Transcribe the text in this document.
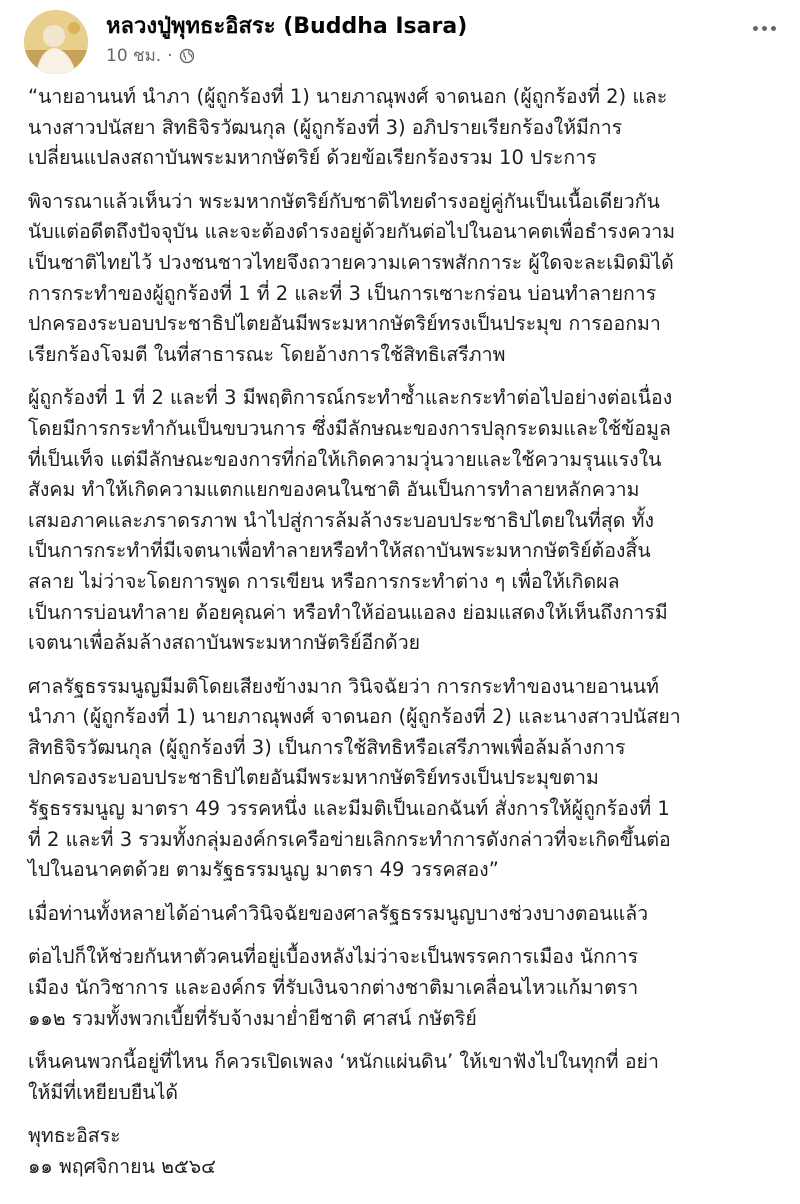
หลวงปู่พุทธะอิสระ (Buddha Isara)
10 ชม. ·

“นายอานนท์ นำภา (ผู้ถูกร้องที่ 1) นายภาณุพงศ์ จาดนอก (ผู้ถูกร้องที่ 2) และ
นางสาวปนัสยา สิทธิจิรวัฒนกุล (ผู้ถูกร้องที่ 3) อภิปรายเรียกร้องให้มีการ
เปลี่ยนแปลงสถาบันพระมหากษัตริย์ ด้วยข้อเรียกร้องรวม 10 ประการ

พิจารณาแล้วเห็นว่า พระมหากษัตริย์กับชาติไทยดำรงอยู่คู่กันเป็นเนื้อเดียวกัน
นับแต่อดีตถึงปัจจุบัน และจะต้องดำรงอยู่ด้วยกันต่อไปในอนาคตเพื่อธำรงความ
เป็นชาติไทยไว้ ปวงชนชาวไทยจึงถวายความเคารพสักการะ ผู้ใดจะละเมิดมิได้
การกระทำของผู้ถูกร้องที่ 1 ที่ 2 และที่ 3 เป็นการเซาะกร่อน บ่อนทำลายการ
ปกครองระบอบประชาธิปไตยอันมีพระมหากษัตริย์ทรงเป็นประมุข การออกมา
เรียกร้องโจมตี ในที่สาธารณะ โดยอ้างการใช้สิทธิเสรีภาพ

ผู้ถูกร้องที่ 1 ที่ 2 และที่ 3 มีพฤติการณ์กระทำซ้ำและกระทำต่อไปอย่างต่อเนื่อง
โดยมีการกระทำกันเป็นขบวนการ ซึ่งมีลักษณะของการปลุกระดมและใช้ข้อมูล
ที่เป็นเท็จ แต่มีลักษณะของการที่ก่อให้เกิดความวุ่นวายและใช้ความรุนแรงใน
สังคม ทำให้เกิดความแตกแยกของคนในชาติ อันเป็นการทำลายหลักความ
เสมอภาคและภราดรภาพ นำไปสู่การล้มล้างระบอบประชาธิปไตยในที่สุด ทั้ง
เป็นการกระทำที่มีเจตนาเพื่อทำลายหรือทำให้สถาบันพระมหากษัตริย์ต้องสิ้น
สลาย ไม่ว่าจะโดยการพูด การเขียน หรือการกระทำต่าง ๆ เพื่อให้เกิดผล
เป็นการบ่อนทำลาย ด้อยคุณค่า หรือทำให้อ่อนแอลง ย่อมแสดงให้เห็นถึงการมี
เจตนาเพื่อล้มล้างสถาบันพระมหากษัตริย์อีกด้วย

ศาลรัฐธรรมนูญมีมติโดยเสียงข้างมาก วินิจฉัยว่า การกระทำของนายอานนท์
นำภา (ผู้ถูกร้องที่ 1) นายภาณุพงศ์ จาดนอก (ผู้ถูกร้องที่ 2) และนางสาวปนัสยา
สิทธิจิรวัฒนกุล (ผู้ถูกร้องที่ 3) เป็นการใช้สิทธิหรือเสรีภาพเพื่อล้มล้างการ
ปกครองระบอบประชาธิปไตยอันมีพระมหากษัตริย์ทรงเป็นประมุขตาม
รัฐธรรมนูญ มาตรา 49 วรรคหนึ่ง และมีมติเป็นเอกฉันท์ สั่งการให้ผู้ถูกร้องที่ 1
ที่ 2 และที่ 3 รวมทั้งกลุ่มองค์กรเครือข่ายเลิกกระทำการดังกล่าวที่จะเกิดขึ้นต่อ
ไปในอนาคตด้วย ตามรัฐธรรมนูญ มาตรา 49 วรรคสอง”

เมื่อท่านทั้งหลายได้อ่านคำวินิจฉัยของศาลรัฐธรรมนูญบางช่วงบางตอนแล้ว

ต่อไปก็ให้ช่วยกันหาตัวคนที่อยู่เบื้องหลังไม่ว่าจะเป็นพรรคการเมือง นักการ
เมือง นักวิชาการ และองค์กร ที่รับเงินจากต่างชาติมาเคลื่อนไหวแก้มาตรา
๑๑๒ รวมทั้งพวกเบี้ยที่รับจ้างมาย่ำยีชาติ ศาสน์ กษัตริย์

เห็นคนพวกนี้อยู่ที่ไหน ก็ควรเปิดเพลง ‘หนักแผ่นดิน’ ให้เขาฟังไปในทุกที่ อย่า
ให้มีที่เหยียบยืนได้

พุทธะอิสระ
๑๑ พฤศจิกายน ๒๕๖๔
